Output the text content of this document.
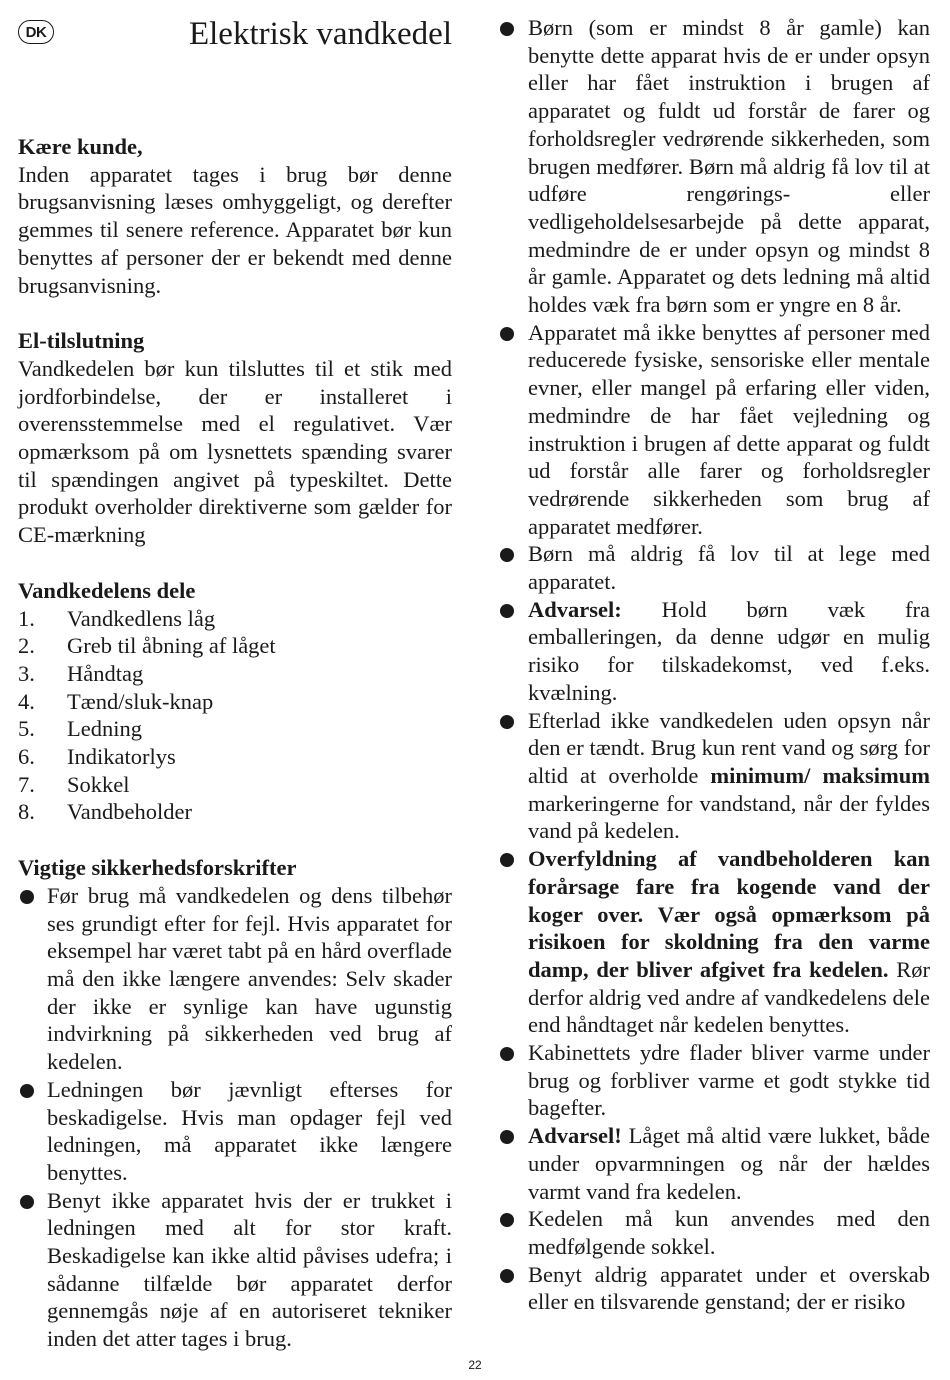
DK	Elektrisk vandkedel
Kære kunde,

Inden apparatet tages i brug bør denne brugsanvisning læses omhyggeligt, og derefter gemmes til senere reference. Apparatet bør kun benyttes af personer der er bekendt med denne brugsanvisning.

El-tilslutning

Vandkedelen bør kun tilsluttes til et stik med jordforbindelse, der er installeret i overensstemmelse med el regulativet. Vær opmærksom på om lysnettets spænding svarer til spændingen angivet på typeskiltet. Dette produkt overholder direktiverne som gælder for CE-mærkning

Vandkedelens dele
1.	Vandkedlens låg
2.	Greb til åbning af låget
3.	Håndtag
4.	Tænd/sluk-knap
5.	Ledning
6.	Indikatorlys
7.	Sokkel
8.	Vandbeholder
Vigtige sikkerhedsforskrifter
Før brug må vandkedelen og dens tilbehør ses grundigt efter for fejl. Hvis apparatet for eksempel har været tabt på en hård overflade må den ikke længere anvendes: Selv skader der ikke er synlige kan have ugunstig indvirkning på sikkerheden ved brug af kedelen.
Ledningen bør jævnligt efterses for beskadigelse. Hvis man opdager fejl ved ledningen, må apparatet ikke længere benyttes.
Benyt ikke apparatet hvis der er trukket i ledningen med alt for stor kraft. Beskadigelse kan ikke altid påvises udefra; i sådanne tilfælde bør apparatet derfor gennemgås nøje af en autoriseret tekniker inden det atter tages i brug.
Børn (som er mindst 8 år gamle) kan benytte dette apparat hvis de er under opsyn eller har fået instruktion i brugen af apparatet og fuldt ud forstår de farer og forholdsregler vedrørende sikkerheden, som brugen medfører. Børn må aldrig få lov til at udføre rengørings- eller vedligeholdelsesarbejde på dette apparat, medmindre de er under opsyn og mindst 8 år gamle. Apparatet og dets ledning må altid holdes væk fra børn som er yngre en 8 år.
Apparatet må ikke benyttes af personer med reducerede fysiske, sensoriske eller mentale evner, eller mangel på erfaring eller viden, medmindre de har fået vejledning og instruktion i brugen af dette apparat og fuldt ud forstår alle farer og forholdsregler vedrørende sikkerheden som brug af apparatet medfører.
Børn må aldrig få lov til at lege med apparatet.
Advarsel: Hold børn væk fra emballeringen, da denne udgør en mulig risiko for tilskadekomst, ved f.eks. kvælning.
Efterlad ikke vandkedelen uden opsyn når den er tændt. Brug kun rent vand og sørg for altid at overholde minimum/ maksimum markeringerne for vandstand, når der fyldes vand på kedelen.
Overfyldning af vandbeholderen kan forårsage fare fra kogende vand der koger over. Vær også opmærksom på risikoen for skoldning fra den varme damp, der bliver afgivet fra kedelen. Rør derfor aldrig ved andre af vandkedelens dele end håndtaget når kedelen benyttes.
Kabinettets ydre flader bliver varme under brug og forbliver varme et godt stykke tid bagefter.
Advarsel! Låget må altid være lukket, både under opvarmningen og når der hældes varmt vand fra kedelen.
Kedelen må kun anvendes med den medfølgende sokkel.
Benyt aldrig apparatet under et overskab eller en tilsvarende genstand; der er risiko
22
